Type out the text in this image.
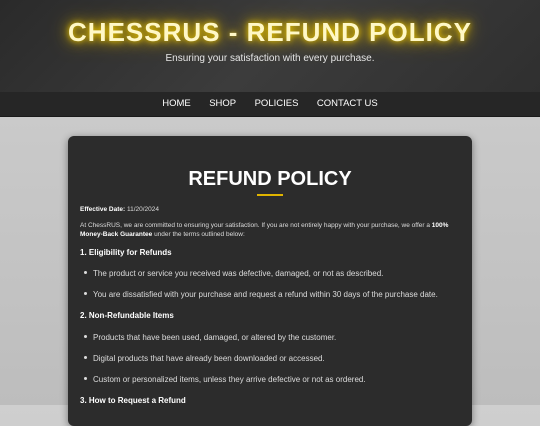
CHESSRUS - REFUND POLICY
Ensuring your satisfaction with every purchase.
HOME SHOP POLICIES CONTACT US
REFUND POLICY
Effective Date: 11/20/2024
At ChessRUS, we are committed to ensuring your satisfaction. If you are not entirely happy with your purchase, we offer a 100% Money-Back Guarantee under the terms outlined below:
1. Eligibility for Refunds
The product or service you received was defective, damaged, or not as described.
You are dissatisfied with your purchase and request a refund within 30 days of the purchase date.
2. Non-Refundable Items
Products that have been used, damaged, or altered by the customer.
Digital products that have already been downloaded or accessed.
Custom or personalized items, unless they arrive defective or not as ordered.
3. How to Request a Refund
